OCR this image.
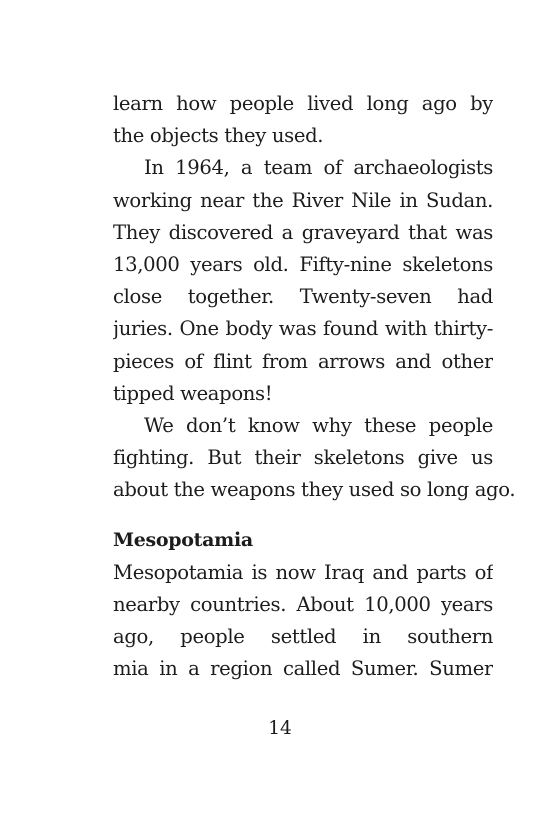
learn how people lived long ago by
the objects they used.
In 1964, a team of archaeologists
working near the River Nile in Sudan.
They discovered a graveyard that was
13,000 years old. Fifty-nine skeletons
close together. Twenty-seven had
juries. One body was found with thirty-
pieces of flint from arrows and other
tipped weapons!
We don’t know why these people
fighting. But their skeletons give us
about the weapons they used so long ago.
Mesopotamia
Mesopotamia is now Iraq and parts of
nearby countries. About 10,000 years
ago, people settled in southern
mia in a region called Sumer. Sumer
14
